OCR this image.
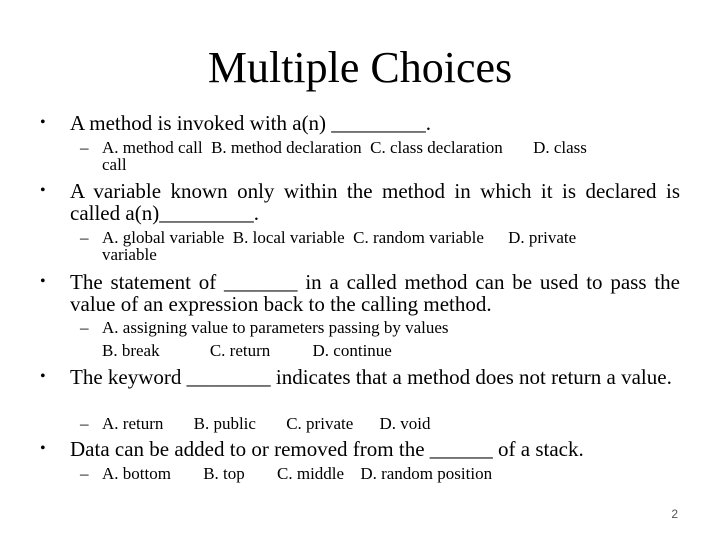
Multiple Choices
• A method is invoked with a(n) _________.
– A. method call B. method declaration C. class declaration D. class
call
• A variable known only within the method in which it is declared is called a(n)_________.
– A. global variable B. local variable C. random variable D. private
variable
• The statement of _______ in a called method can be used to pass the value of an expression back to the calling method.
– A. assigning value to parameters passing by values
B. break	C. return D. continue
• The keyword ________ indicates that a method does not return a value.
– A. return B. public C. private D. void
• Data can be added to or removed from the ______ of a stack.
– A. bottom B. top C. middle D. random position
2
